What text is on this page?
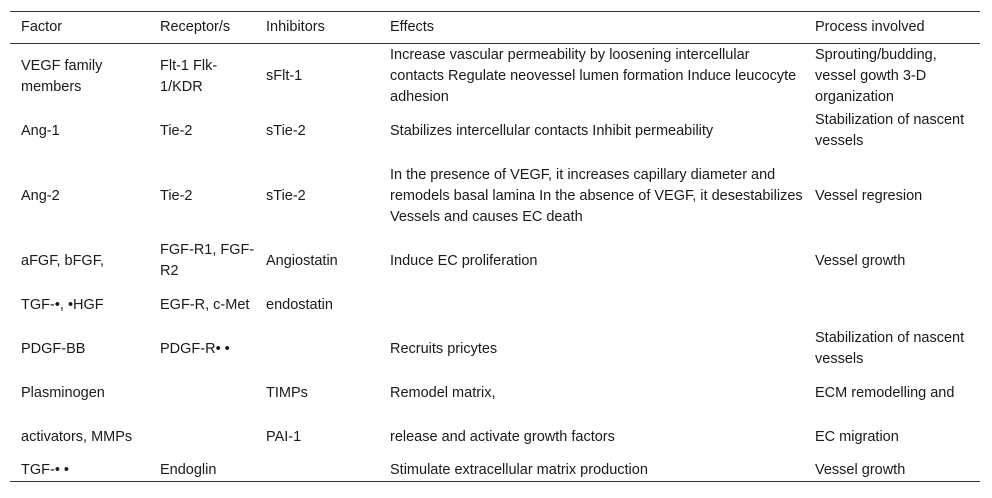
Factor	Receptor/s	Inhibitors	Effects	Process involved
VEGF family members	Flt-1 Flk-1/KDR	sFlt-1	Increase vascular permeability by loosening intercellular contacts Regulate neovessel lumen formation Induce leucocyte adhesion	Sprouting/budding, vessel gowth 3-D organization
Ang-1	Tie-2	sTie-2	Stabilizes intercellular contacts Inhibit permeability	Stabilization of nascent vessels
Ang-2	Tie-2	sTie-2	In the presence of VEGF, it increases capillary diameter and remodels basal lamina In the absence of VEGF, it desestabilizes Vessels and causes EC death	Vessel regresion
aFGF, bFGF,	FGF-R1, FGF-R2	Angiostatin	Induce EC proliferation	Vessel growth
TGF-•, •HGF	EGF-R, c-Met	endostatin		
PDGF-BB	PDGF-R• •		Recruits pricytes	Stabilization of nascent vessels
Plasminogen		TIMPs	Remodel matrix,	ECM remodelling and
activators, MMPs		PAI-1	release and activate growth factors	EC migration
TGF-• •	Endoglin		Stimulate extracellular matrix production	Vessel growth
